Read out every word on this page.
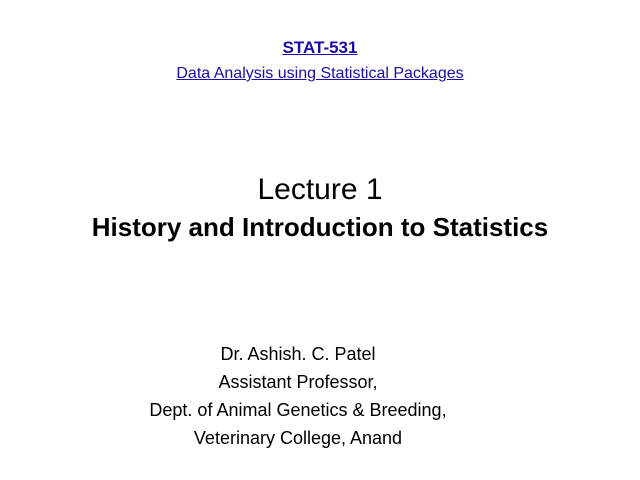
STAT-531
Data Analysis using Statistical Packages
Lecture 1
History and Introduction to Statistics
Dr. Ashish. C. Patel
Assistant Professor,
Dept. of Animal Genetics & Breeding,
Veterinary College, Anand
